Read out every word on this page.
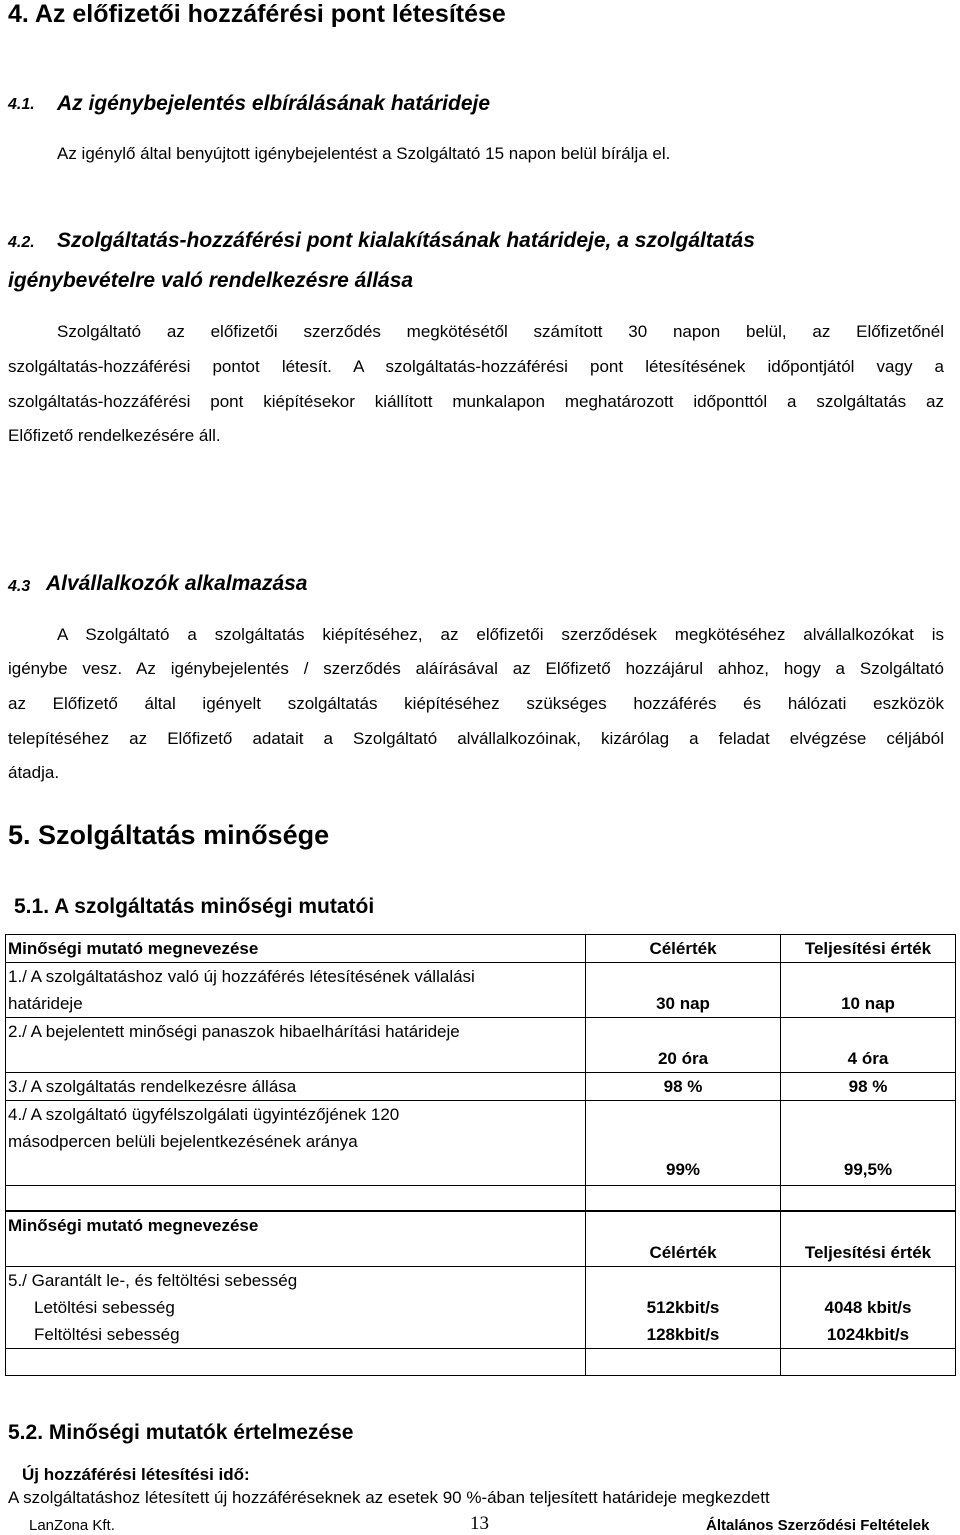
4. Az előfizetői hozzáférési pont létesítése
4.1. Az igénybejelentés elbírálásának határideje
Az igénylő által benyújtott igénybejelentést a Szolgáltató 15 napon belül bírálja el.
4.2. Szolgáltatás-hozzáférési pont kialakításának határideje, a szolgáltatás
igénybevételre való rendelkezésre állása
Szolgáltató az előfizetői szerződés megkötésétől számított 30 napon belül, az Előfizetőnél
szolgáltatás-hozzáférési pontot létesít. A szolgáltatás-hozzáférési pont létesítésének időpontjától vagy a
szolgáltatás-hozzáférési pont kiépítésekor kiállított munkalapon meghatározott időponttól a szolgáltatás az
Előfizető rendelkezésére áll.
4.3 Alvállalkozók alkalmazása
A Szolgáltató a szolgáltatás kiépítéséhez, az előfizetői szerződések megkötéséhez alvállalkozókat is
igénybe vesz. Az igénybejelentés / szerződés aláírásával az Előfizető hozzájárul ahhoz, hogy a Szolgáltató
az Előfizető által igényelt szolgáltatás kiépítéséhez szükséges hozzáférés és hálózati eszközök
telepítéséhez az Előfizető adatait a Szolgáltató alvállalkozóinak, kizárólag a feladat elvégzése céljából
átadja.
5. Szolgáltatás minősége
5.1. A szolgáltatás minőségi mutatói
Minőségi mutató megnevezése	Célérték	Teljesítési érték
1./ A szolgáltatáshoz való új hozzáférés létesítésének vállalási		
határideje	30 nap	10 nap
2./ A bejelentett minőségi panaszok hibaelhárítási határideje		
	20 óra	4 óra
3./ A szolgáltatás rendelkezésre állása	98 %	98 %
4./ A szolgáltató ügyfélszolgálati ügyintézőjének 120		
másodpercen belüli bejelentkezésének aránya		
	99%	99,5%

Minőségi mutató megnevezése		
	Célérték	Teljesítési érték
5./ Garantált le-, és feltöltési sebesség		
Letöltési sebesség	512kbit/s	4048 kbit/s
Feltöltési sebesség	128kbit/s	1024kbit/s

5.2. Minőségi mutatók értelmezése
Új hozzáférési létesítési idő:
A szolgáltatáshoz létesített új hozzáféréseknek az esetek 90 %-ában teljesített határideje megkezdett
LanZona Kft.	13	Általános Szerződési Feltételek
